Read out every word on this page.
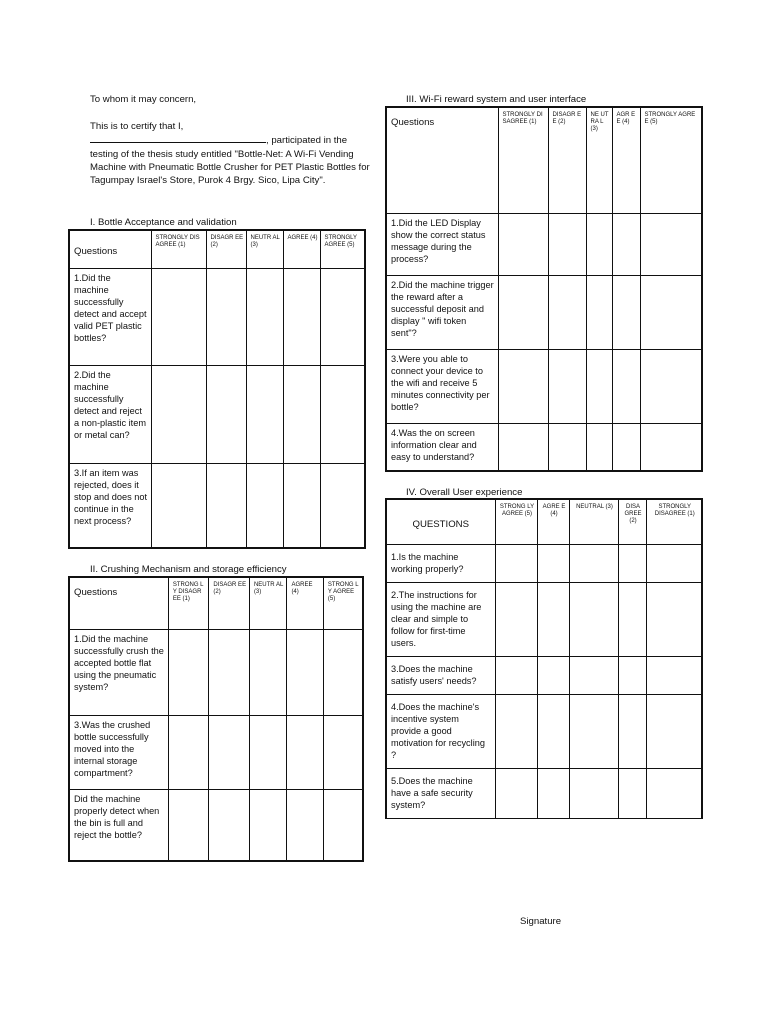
To whom it may concern,

This is to certify that I,

, participated in the

testing of the thesis study entitled "Bottle-Net: A Wi-Fi Vending Machine with Pneumatic Bottle Crusher for PET Plastic Bottles for Tagumpay Israel's Store, Purok 4 Brgy. Sico, Lipa City".

I. Bottle Acceptance and validation
Questions	STRONGLY DISAGREE (1)	DISAGR EE (2)	NEUTR AL (3)	AGREE (4)	STRONGLY AGREE (5)
1.Did the machine successfully detect and accept valid PET plastic bottles?					
2.Did the machine successfully detect and reject a non-plastic item or metal can?					
3.If an item was rejected, does it stop and does not continue in the next process?					
II. Crushing Mechanism and storage efficiency
Questions	STRONG LY DISAGR EE (1)	DISAGR EE (2)	NEUTR AL (3)	AGREE (4)	STRONG LY AGREE (5)
1.Did the machine successfully crush the accepted bottle flat using the pneumatic system?					
3.Was the crushed bottle successfully moved into the internal storage compartment?					
Did the machine properly detect when the bin is full and reject the bottle?					
III. Wi-Fi reward system and user interface
Questions	STRONGLY DISAGREE (1)	DISAGR EE (2)	NE UT RA L (3)	AGR EE (4)	STRONGLY AGREE (5)
1.Did the LED Display show the correct status message during the process?					
2.Did the machine trigger the reward after a successful deposit and display " wifi token sent"?					
3.Were you able to connect your device to the wifi and receive 5 minutes connectivity per bottle?					
4.Was the on screen information clear and easy to understand?					
IV. Overall User experience
QUESTIONS	STRONG LY AGREE (5)	AGRE E (4)	NEUTRAL (3)	DISA GREE (2)	STRONGLY DISAGREE (1)
1.Is the machine working properly?					
2.The instructions for using the machine are clear and simple to follow for first-time users.					
3.Does the machine satisfy users' needs?					
4.Does the machine's incentive system provide a good motivation for recycling ?					
5.Does the machine have a safe security system?					
Signature
